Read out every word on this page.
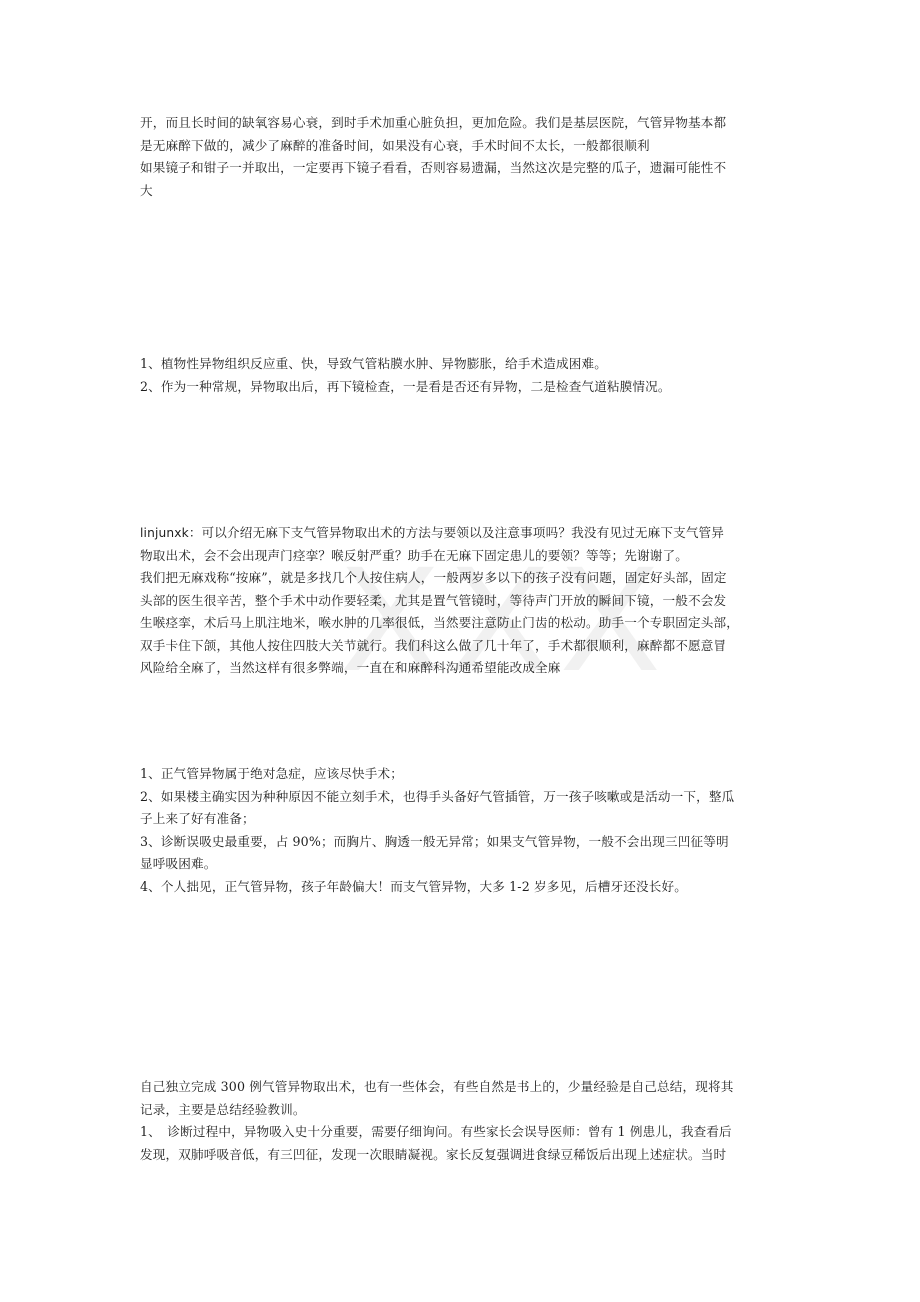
X X X
开，而且长时间的缺氧容易心衰，到时手术加重心脏负担，更加危险。我们是基层医院，气管异物基本都
是无麻醉下做的，减少了麻醉的准备时间，如果没有心衰，手术时间不太长，一般都很顺利
如果镜子和钳子一并取出，一定要再下镜子看看，否则容易遗漏，当然这次是完整的瓜子，遗漏可能性不
大
1、植物性异物组织反应重、快，导致气管粘膜水肿、异物膨胀，给手术造成困难。
2、作为一种常规，异物取出后，再下镜检查，一是看是否还有异物，二是检查气道粘膜情况。
linjunxk：可以介绍无麻下支气管异物取出术的方法与要领以及注意事项吗？我没有见过无麻下支气管异
物取出术，会不会出现声门痉挛？喉反射严重？助手在无麻下固定患儿的要领？等等；先谢谢了。
我们把无麻戏称“按麻”，就是多找几个人按住病人，一般两岁多以下的孩子没有问题，固定好头部，固定
头部的医生很辛苦，整个手术中动作要轻柔，尤其是置气管镜时，等待声门开放的瞬间下镜，一般不会发
生喉痉挛，术后马上肌注地米，喉水肿的几率很低，当然要注意防止门齿的松动。助手一个专职固定头部，
双手卡住下颌，其他人按住四肢大关节就行。我们科这么做了几十年了，手术都很顺利，麻醉都不愿意冒
风险给全麻了，当然这样有很多弊端，一直在和麻醉科沟通希望能改成全麻
1、正气管异物属于绝对急症，应该尽快手术；
2、如果楼主确实因为种种原因不能立刻手术，也得手头备好气管插管，万一孩子咳嗽或是活动一下，整瓜
子上来了好有准备；
3、诊断误吸史最重要，占 90%；而胸片、胸透一般无异常；如果支气管异物，一般不会出现三凹征等明
显呼吸困难。
4、个人拙见，正气管异物，孩子年龄偏大！而支气管异物，大多 1-2 岁多见，后槽牙还没长好。
自己独立完成 300 例气管异物取出术，也有一些体会，有些自然是书上的，少量经验是自己总结，现将其
记录，主要是总结经验教训。
1、　诊断过程中，异物吸入史十分重要，需要仔细询问。有些家长会误导医师：曾有 1 例患儿，我查看后
发现，双肺呼吸音低，有三凹征，发现一次眼睛凝视。家长反复强调进食绿豆稀饭后出现上述症状。当时
